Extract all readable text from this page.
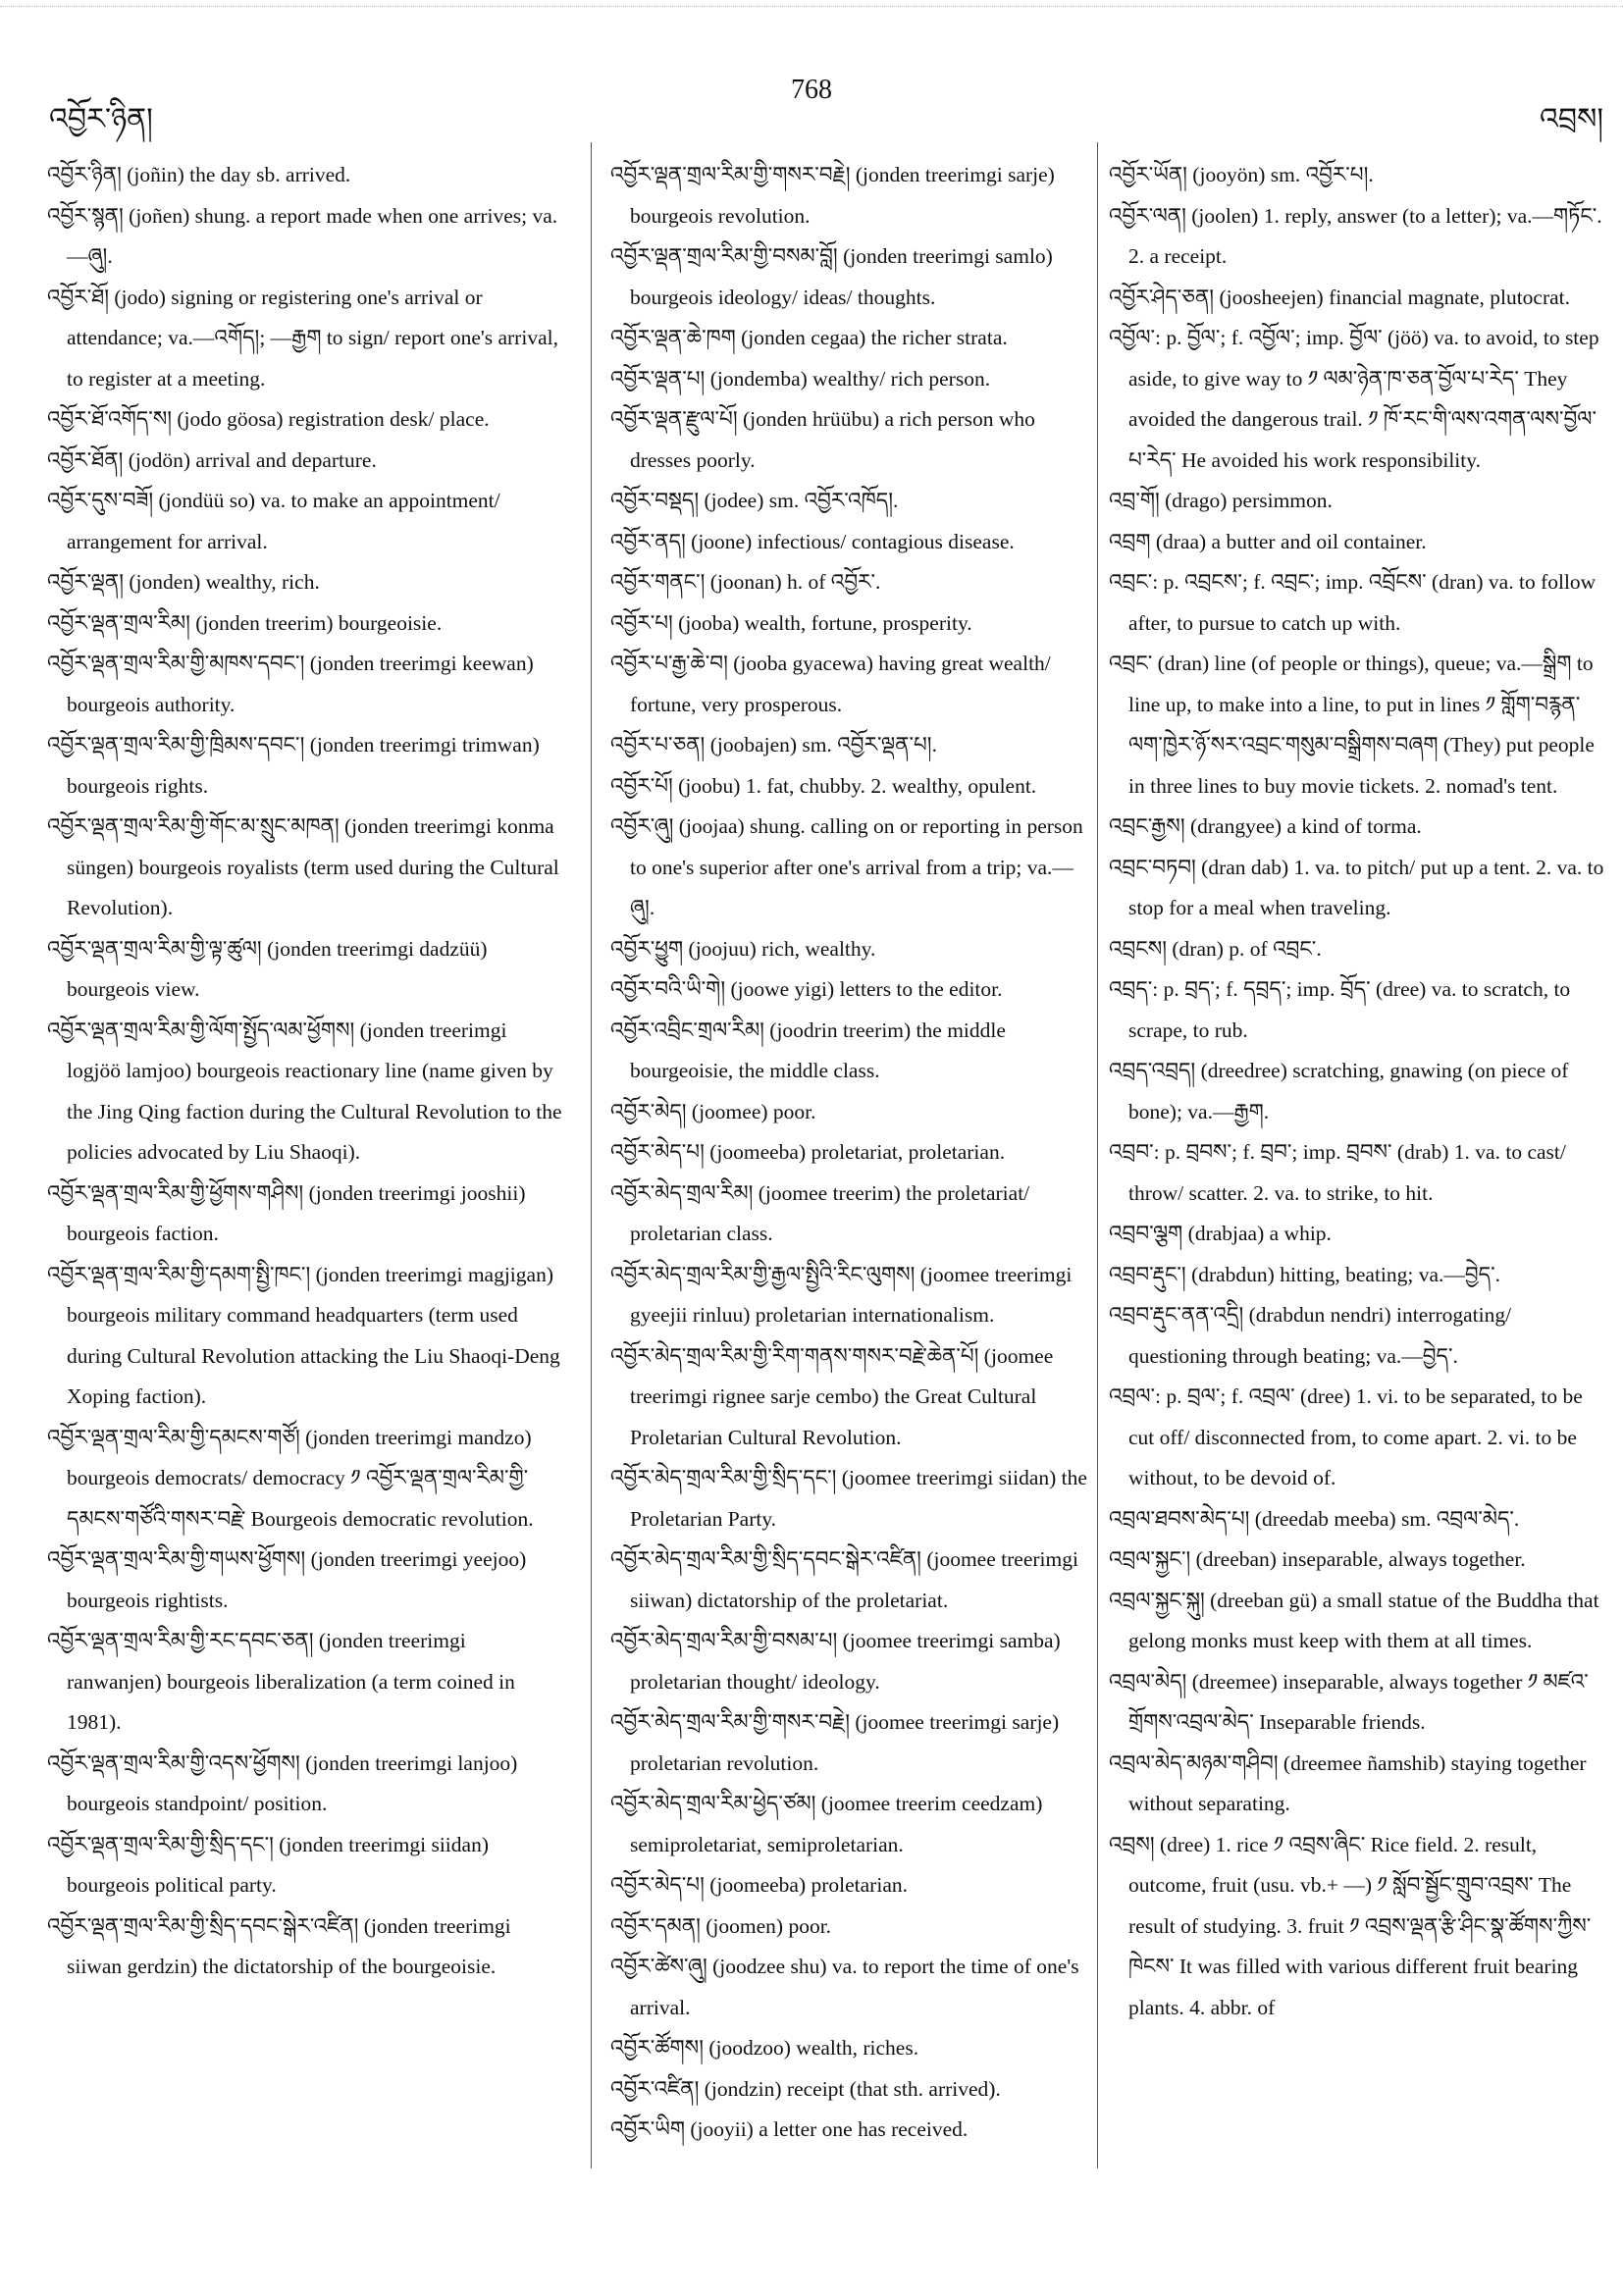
འབྱོར་ཉིན།
768
འབྲས།
འབྱོར་ཉིན། (joñin) the day sb. arrived.
འབྱོར་སྙན། (joñen) shung. a report made when one arrives; va.—ཞུ།.
འབྱོར་ཐོ། (jodo) signing or registering one's arrival or attendance; va.—འགོད།; —རྒྱག to sign/ report one's arrival, to register at a meeting.
འབྱོར་ཐོ་འགོད་ས། (jodo göosa) registration desk/ place.
འབྱོར་ཐོན། (jodön) arrival and departure.
འབྱོར་དུས་བཟོ། (jondüü so) va. to make an appointment/ arrangement for arrival.
འབྱོར་ལྡན། (jonden) wealthy, rich.
འབྱོར་ལྡན་གྲལ་རིམ། (jonden treerim) bourgeoisie.
འབྱོར་ལྡན་གྲལ་རིམ་གྱི་མཁས་དབང་། (jonden treerimgi keewan) bourgeois authority.
འབྱོར་ལྡན་གྲལ་རིམ་གྱི་ཁྲིམས་དབང་། (jonden treerimgi trimwan) bourgeois rights.
འབྱོར་ལྡན་གྲལ་རིམ་གྱི་གོང་མ་སྲུང་མཁན། (jonden treerimgi konma süngen) bourgeois royalists (term used during the Cultural Revolution).
འབྱོར་ལྡན་གྲལ་རིམ་གྱི་ལྟ་ཚུལ། (jonden treerimgi dadzüü) bourgeois view.
འབྱོར་ལྡན་གྲལ་རིམ་གྱི་ལོག་སྤྱོད་ལམ་ཕྱོགས། (jonden treerimgi logjöö lamjoo) bourgeois reactionary line (name given by the Jing Qing faction during the Cultural Revolution to the policies advocated by Liu Shaoqi).
འབྱོར་ལྡན་གྲལ་རིམ་གྱི་ཕྱོགས་གཤིས། (jonden treerimgi jooshii) bourgeois faction.
འབྱོར་ལྡན་གྲལ་རིམ་གྱི་དམག་སྤྱི་ཁང་། (jonden treerimgi magjigan) bourgeois military command headquarters (term used during Cultural Revolution attacking the Liu Shaoqi-Deng Xoping faction).
འབྱོར་ལྡན་གྲལ་རིམ་གྱི་དམངས་གཙོ། (jonden treerimgi mandzo) bourgeois democrats/ democracy ༡ འབྱོར་ལྡན་གྲལ་རིམ་གྱི་དམངས་གཙོའི་གསར་བརྗེ་ Bourgeois democratic revolution.
འབྱོར་ལྡན་གྲལ་རིམ་གྱི་གཡས་ཕྱོགས། (jonden treerimgi yeejoo) bourgeois rightists.
འབྱོར་ལྡན་གྲལ་རིམ་གྱི་རང་དབང་ཅན། (jonden treerimgi ranwanjen) bourgeois liberalization (a term coined in 1981).
འབྱོར་ལྡན་གྲལ་རིམ་གྱི་འདས་ཕྱོགས། (jonden treerimgi lanjoo) bourgeois standpoint/ position.
འབྱོར་ལྡན་གྲལ་རིམ་གྱི་སྲིད་དང་། (jonden treerimgi siidan) bourgeois political party.
འབྱོར་ལྡན་གྲལ་རིམ་གྱི་སྲིད་དབང་སྒེར་འཛིན། (jonden treerimgi siiwan gerdzin) the dictatorship of the bourgeoisie.
འབྱོར་ལྡན་གྲལ་རིམ་གྱི་གསར་བརྗེ། (jonden treerimgi sarje) bourgeois revolution.
འབྱོར་ལྡན་གྲལ་རིམ་གྱི་བསམ་བློ། (jonden treerimgi samlo) bourgeois ideology/ ideas/ thoughts.
འབྱོར་ལྡན་ཆེ་ཁག (jonden cegaa) the richer strata.
འབྱོར་ལྡན་པ། (jondemba) wealthy/ rich person.
འབྱོར་ལྡན་རྫུལ་པོ། (jonden hrüübu) a rich person who dresses poorly.
འབྱོར་བསྡད། (jodee) sm. འབྱོར་འཁོད།.
འབྱོར་ནད། (joone) infectious/ contagious disease.
འབྱོར་གནང་། (joonan) h. of འབྱོར་.
འབྱོར་པ། (jooba) wealth, fortune, prosperity.
འབྱོར་པ་རྒྱ་ཆེ་བ། (jooba gyacewa) having great wealth/ fortune, very prosperous.
འབྱོར་པ་ཅན། (joobajen) sm. འབྱོར་ལྡན་པ།.
འབྱོར་པོ། (joobu) 1. fat, chubby. 2. wealthy, opulent.
འབྱོར་ཞུ། (joojaa) shung. calling on or reporting in person to one's superior after one's arrival from a trip; va.—ཞུ།.
འབྱོར་ཕྱུག (joojuu) rich, wealthy.
འབྱོར་བའི་ཡི་གེ། (joowe yigi) letters to the editor.
འབྱོར་འབྲིང་གྲལ་རིམ། (joodrin treerim) the middle bourgeoisie, the middle class.
འབྱོར་མེད། (joomee) poor.
འབྱོར་མེད་པ། (joomeeba) proletariat, proletarian.
འབྱོར་མེད་གྲལ་རིམ། (joomee treerim) the proletariat/ proletarian class.
འབྱོར་མེད་གྲལ་རིམ་གྱི་རྒྱལ་སྤྱིའི་རིང་ལུགས། (joomee treerimgi gyeejii rinluu) proletarian internationalism.
འབྱོར་མེད་གྲལ་རིམ་གྱི་རིག་གནས་གསར་བརྗེ་ཆེན་པོ། (joomee treerimgi rignee sarje cembo) the Great Cultural Proletarian Cultural Revolution.
འབྱོར་མེད་གྲལ་རིམ་གྱི་སྲིད་དང་། (joomee treerimgi siidan) the Proletarian Party.
འབྱོར་མེད་གྲལ་རིམ་གྱི་སྲིད་དབང་སྒེར་འཛིན། (joomee treerimgi siiwan) dictatorship of the proletariat.
འབྱོར་མེད་གྲལ་རིམ་གྱི་བསམ་པ། (joomee treerimgi samba) proletarian thought/ ideology.
འབྱོར་མེད་གྲལ་རིམ་གྱི་གསར་བརྗེ། (joomee treerimgi sarje) proletarian revolution.
འབྱོར་མེད་གྲལ་རིམ་ཕྱེད་ཙམ། (joomee treerim ceedzam) semiproletariat, semiproletarian.
འབྱོར་མེད་པ། (joomeeba) proletarian.
འབྱོར་དམན། (joomen) poor.
འབྱོར་ཚེས་ཞུ། (joodzee shu) va. to report the time of one's arrival.
འབྱོར་ཚོགས། (joodzoo) wealth, riches.
འབྱོར་འཛིན། (jondzin) receipt (that sth. arrived).
འབྱོར་ཡིག (jooyii) a letter one has received.
འབྱོར་ཡོན། (jooyön) sm. འབྱོར་པ།.
འབྱོར་ལན། (joolen) 1. reply, answer (to a letter); va.—གཏོང་. 2. a receipt.
འབྱོར་ཤེད་ཅན། (joosheejen) financial magnate, plutocrat.
འབྱོལ་: p. བྱོལ་; f. འབྱོལ་; imp. བྱོལ་ (jöö) va. to avoid, to step aside, to give way to ༡ ལམ་ཉེན་ཁ་ཅན་བྱོལ་པ་རེད་ They avoided the dangerous trail. ༡ ཁོ་རང་གི་ལས་འགན་ལས་བྱོལ་པ་རེད་ He avoided his work responsibility.
འབྲ་གོ། (drago) persimmon.
འབྲག (draa) a butter and oil container.
འབྲང་: p. འབྲངས་; f. འབྲང་; imp. འབྲོངས་ (dran) va. to follow after, to pursue to catch up with.
འབྲང་ (dran) line (of people or things), queue; va.—སྒྲིག to line up, to make into a line, to put in lines ༡ གློག་བརྙན་ལག་ཁྱེར་ཉོ་སར་འབྲང་གསུམ་བསྒྲིགས་བཞག (They) put people in three lines to buy movie tickets. 2. nomad's tent.
འབྲང་རྒྱས། (drangyee) a kind of torma.
འབྲང་བཏབ། (dran dab) 1. va. to pitch/ put up a tent. 2. va. to stop for a meal when traveling.
འབྲངས། (dran) p. of འབྲང་.
འབྲད་: p. བྲད་; f. དབྲད་; imp. བྲོད་ (dree) va. to scratch, to scrape, to rub.
འབྲད་འབྲད། (dreedree) scratching, gnawing (on piece of bone); va.—རྒྱག.
འབྲབ་: p. བྲབས་; f. བྲབ་; imp. བྲབས་ (drab) 1. va. to cast/ throw/ scatter. 2. va. to strike, to hit.
འབྲབ་ལྕག (drabjaa) a whip.
འབྲབ་རྡུང་། (drabdun) hitting, beating; va.—བྱེད་.
འབྲབ་རྡུང་ནན་འདྲི། (drabdun nendri) interrogating/ questioning through beating; va.—བྱེད་.
འབྲལ་: p. བྲལ་; f. འབྲལ་ (dree) 1. vi. to be separated, to be cut off/ disconnected from, to come apart. 2. vi. to be without, to be devoid of.
འབྲལ་ཐབས་མེད་པ། (dreedab meeba) sm. འབྲལ་མེད་.
འབྲལ་སྐྱང་། (dreeban) inseparable, always together.
འབྲལ་སྐྱང་སྐུ། (dreeban gü) a small statue of the Buddha that gelong monks must keep with them at all times.
འབྲལ་མེད། (dreemee) inseparable, always together ༡ མཛའ་གྲོགས་འབྲལ་མེད་ Inseparable friends.
འབྲལ་མེད་མཉམ་གཤིབ། (dreemee ñamshib) staying together without separating.
འབྲས། (dree) 1. rice ༡ འབྲས་ཞིང་ Rice field. 2. result, outcome, fruit (usu. vb.+ —) ༡ སློབ་སྦྱོང་གྲུབ་འབྲས་ The result of studying. 3. fruit ༡ འབྲས་ལྡན་རྩི་ཤིང་སྣ་ཚོགས་ཀྱིས་ཁེངས་ It was filled with various different fruit bearing plants. 4. abbr. of
